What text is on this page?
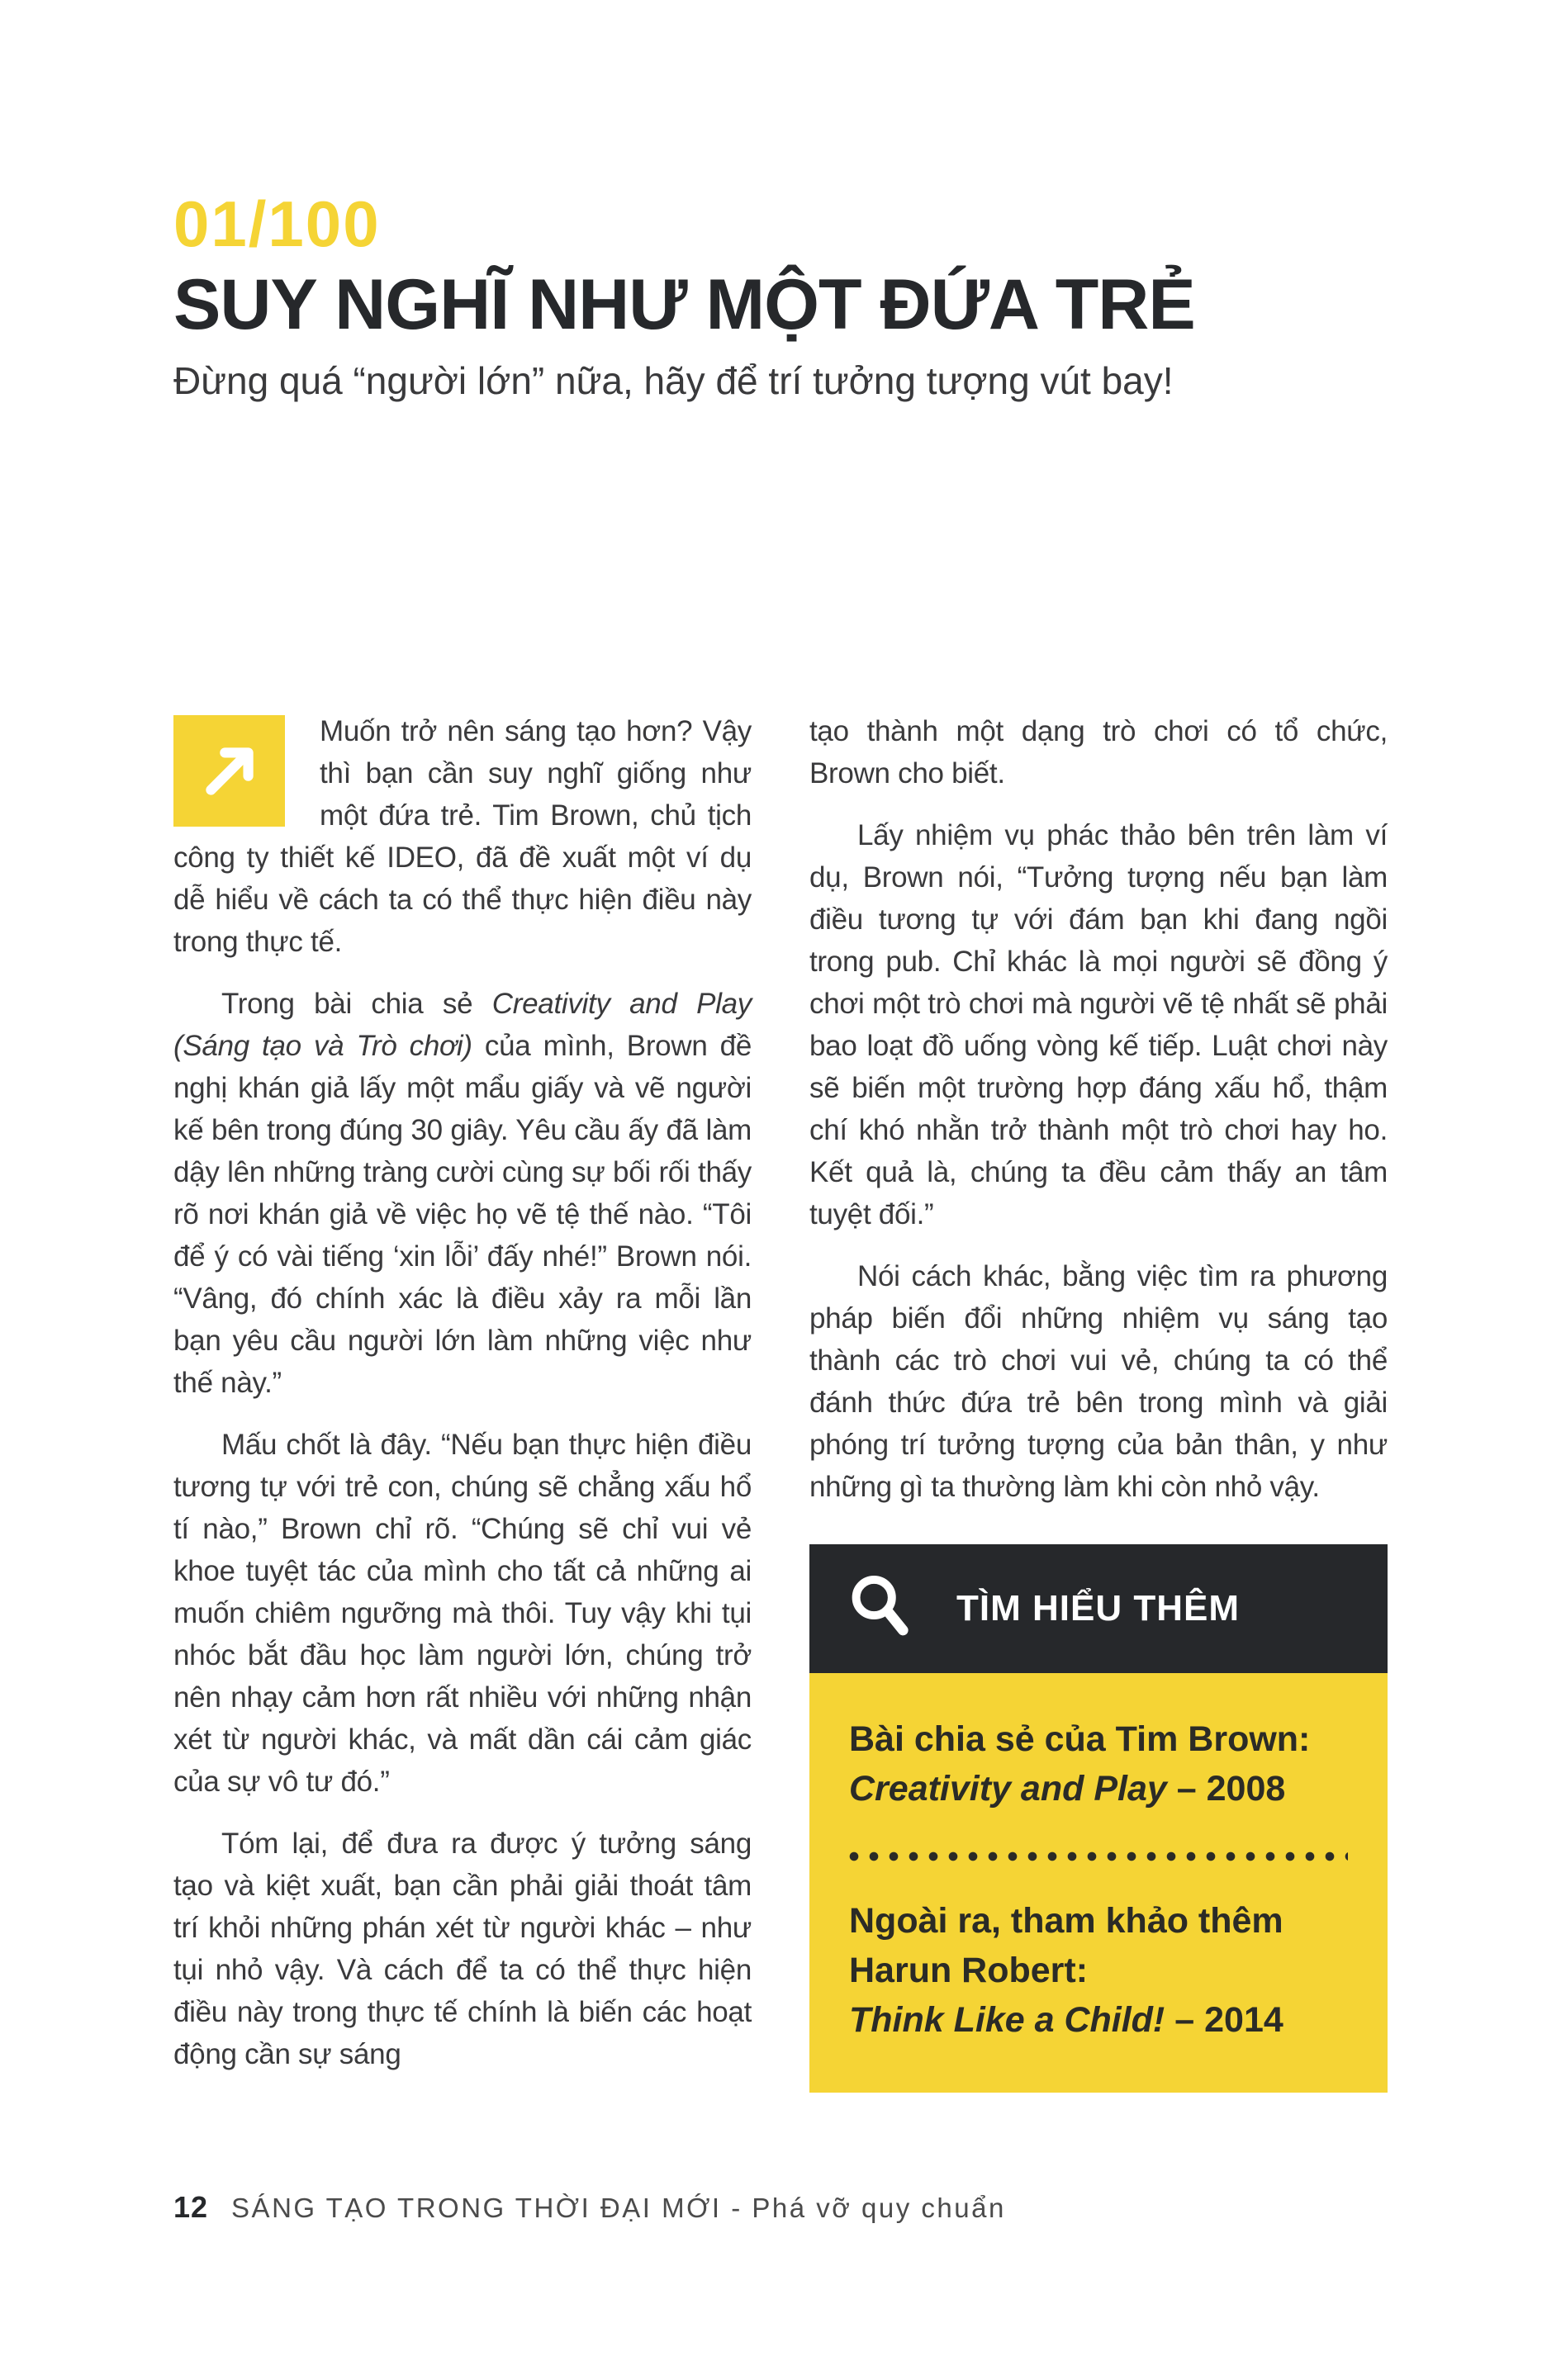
01/100
SUY NGHĨ NHƯ MỘT ĐỨA TRẺ
Đừng quá “người lớn” nữa, hãy để trí tưởng tượng vút bay!

Muốn trở nên sáng tạo hơn? Vậy thì bạn cần suy nghĩ giống như một đứa trẻ. Tim Brown, chủ tịch công ty thiết kế IDEO, đã đề xuất một ví dụ dễ hiểu về cách ta có thể thực hiện điều này trong thực tế.

Trong bài chia sẻ Creativity and Play (Sáng tạo và Trò chơi) của mình, Brown đề nghị khán giả lấy một mẩu giấy và vẽ người kế bên trong đúng 30 giây. Yêu cầu ấy đã làm dậy lên những tràng cười cùng sự bối rối thấy rõ nơi khán giả về việc họ vẽ tệ thế nào. “Tôi để ý có vài tiếng ‘xin lỗi’ đấy nhé!” Brown nói. “Vâng, đó chính xác là điều xảy ra mỗi lần bạn yêu cầu người lớn làm những việc như thế này.”

Mấu chốt là đây. “Nếu bạn thực hiện điều tương tự với trẻ con, chúng sẽ chẳng xấu hổ tí nào,” Brown chỉ rõ. “Chúng sẽ chỉ vui vẻ khoe tuyệt tác của mình cho tất cả những ai muốn chiêm ngưỡng mà thôi. Tuy vậy khi tụi nhóc bắt đầu học làm người lớn, chúng trở nên nhạy cảm hơn rất nhiều với những nhận xét từ người khác, và mất dần cái cảm giác của sự vô tư đó.”

Tóm lại, để đưa ra được ý tưởng sáng tạo và kiệt xuất, bạn cần phải giải thoát tâm trí khỏi những phán xét từ người khác – như tụi nhỏ vậy. Và cách để ta có thể thực hiện điều này trong thực tế chính là biến các hoạt động cần sự sáng

tạo thành một dạng trò chơi có tổ chức, Brown cho biết.

Lấy nhiệm vụ phác thảo bên trên làm ví dụ, Brown nói, “Tưởng tượng nếu bạn làm điều tương tự với đám bạn khi đang ngồi trong pub. Chỉ khác là mọi người sẽ đồng ý chơi một trò chơi mà người vẽ tệ nhất sẽ phải bao loạt đồ uống vòng kế tiếp. Luật chơi này sẽ biến một trường hợp đáng xấu hổ, thậm chí khó nhằn trở thành một trò chơi hay ho. Kết quả là, chúng ta đều cảm thấy an tâm tuyệt đối.”

Nói cách khác, bằng việc tìm ra phương pháp biến đổi những nhiệm vụ sáng tạo thành các trò chơi vui vẻ, chúng ta có thể đánh thức đứa trẻ bên trong mình và giải phóng trí tưởng tượng của bản thân, y như những gì ta thường làm khi còn nhỏ vậy.

TÌM HIỂU THÊM
Bài chia sẻ của Tim Brown:
Creativity and Play – 2008
Ngoài ra, tham khảo thêm Harun Robert:
Think Like a Child! – 2014
12 SÁNG TẠO TRONG THỜI ĐẠI MỚI - Phá vỡ quy chuẩn
